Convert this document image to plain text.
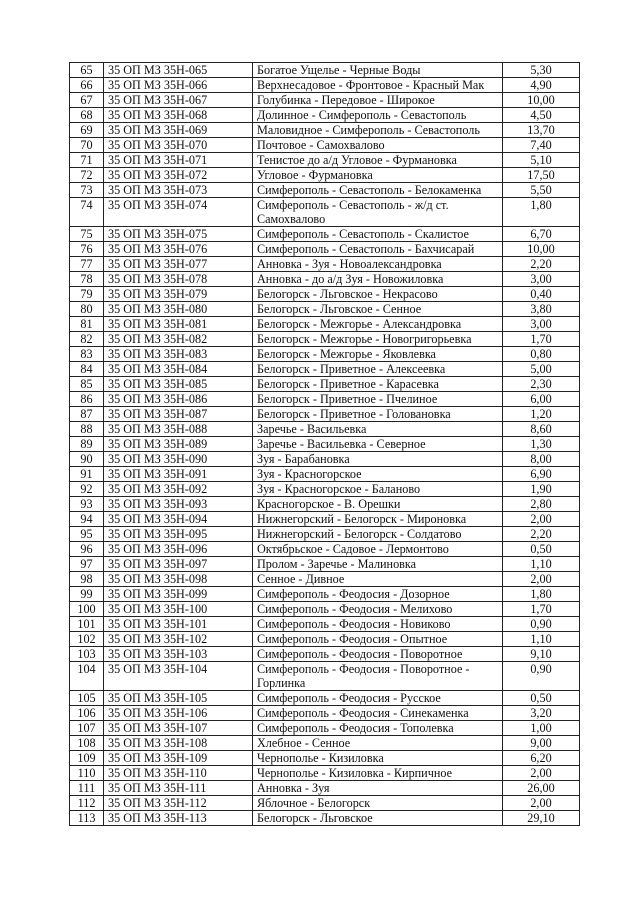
65	35 ОП МЗ 35Н-065	Богатое Ущелье - Черные Воды	5,30
66	35 ОП МЗ 35Н-066	Верхнесадовое - Фронтовое - Красный Мак	4,90
67	35 ОП МЗ 35Н-067	Голубинка - Передовое - Широкое	10,00
68	35 ОП МЗ 35Н-068	Долинное - Симферополь - Севастополь	4,50
69	35 ОП МЗ 35Н-069	Маловидное - Симферополь - Севастополь	13,70
70	35 ОП МЗ 35Н-070	Почтовое - Самохвалово	7,40
71	35 ОП МЗ 35Н-071	Тенистое до а/д Угловое - Фурмановка	5,10
72	35 ОП МЗ 35Н-072	Угловое - Фурмановка	17,50
73	35 ОП МЗ 35Н-073	Симферополь - Севастополь - Белокаменка	5,50
74	35 ОП МЗ 35Н-074	Симферополь - Севастополь - ж/д ст. Самохвалово	1,80
75	35 ОП МЗ 35Н-075	Симферополь - Севастополь - Скалистое	6,70
76	35 ОП МЗ 35Н-076	Симферополь - Севастополь - Бахчисарай	10,00
77	35 ОП МЗ 35Н-077	Анновка - Зуя - Новоалександровка	2,20
78	35 ОП МЗ 35Н-078	Анновка - до а/д Зуя - Новожиловка	3,00
79	35 ОП МЗ 35Н-079	Белогорск - Льговское - Некрасово	0,40
80	35 ОП МЗ 35Н-080	Белогорск - Льговское - Сенное	3,80
81	35 ОП МЗ 35Н-081	Белогорск - Межгорье - Александровка	3,00
82	35 ОП МЗ 35Н-082	Белогорск - Межгорье - Новогригорьевка	1,70
83	35 ОП МЗ 35Н-083	Белогорск - Межгорье - Яковлевка	0,80
84	35 ОП МЗ 35Н-084	Белогорск - Приветное - Алексеевка	5,00
85	35 ОП МЗ 35Н-085	Белогорск - Приветное - Карасевка	2,30
86	35 ОП МЗ 35Н-086	Белогорск - Приветное - Пчелиное	6,00
87	35 ОП МЗ 35Н-087	Белогорск - Приветное - Голованoвка	1,20
88	35 ОП МЗ 35Н-088	Заречье - Васильевка	8,60
89	35 ОП МЗ 35Н-089	Заречье - Васильевка - Северное	1,30
90	35 ОП МЗ 35Н-090	Зуя - Барабановка	8,00
91	35 ОП МЗ 35Н-091	Зуя - Красногорское	6,90
92	35 ОП МЗ 35Н-092	Зуя - Красногорское - Баланово	1,90
93	35 ОП МЗ 35Н-093	Красногорское - В. Орешки	2,80
94	35 ОП МЗ 35Н-094	Нижнегорский - Белогорск - Мироновка	2,00
95	35 ОП МЗ 35Н-095	Нижнегорский - Белогорск - Солдатово	2,20
96	35 ОП МЗ 35Н-096	Октябрьское - Садовое - Лермонтово	0,50
97	35 ОП МЗ 35Н-097	Пролом - Заречье - Малиновка	1,10
98	35 ОП МЗ 35Н-098	Сенное - Дивное	2,00
99	35 ОП МЗ 35Н-099	Симферополь - Феодосия - Дозорное	1,80
100	35 ОП МЗ 35Н-100	Симферополь - Феодосия - Мелихово	1,70
101	35 ОП МЗ 35Н-101	Симферополь - Феодосия - Новиково	0,90
102	35 ОП МЗ 35Н-102	Симферополь - Феодосия - Опытное	1,10
103	35 ОП МЗ 35Н-103	Симферополь - Феодосия - Поворотное	9,10
104	35 ОП МЗ 35Н-104	Симферополь - Феодосия - Поворотное - Горлинка	0,90
105	35 ОП МЗ 35Н-105	Симферополь - Феодосия - Русское	0,50
106	35 ОП МЗ 35Н-106	Симферополь - Феодосия - Синекаменка	3,20
107	35 ОП МЗ 35Н-107	Симферополь - Феодосия - Тополевка	1,00
108	35 ОП МЗ 35Н-108	Хлебное - Сенное	9,00
109	35 ОП МЗ 35Н-109	Чернополье - Кизиловка	6,20
110	35 ОП МЗ 35Н-110	Чернополье - Кизиловка - Кирпичное	2,00
111	35 ОП МЗ 35Н-111	Анновка - Зуя	26,00
112	35 ОП МЗ 35Н-112	Яблочное - Белогорск	2,00
113	35 ОП МЗ 35Н-113	Белогорск - Льговское	29,10
